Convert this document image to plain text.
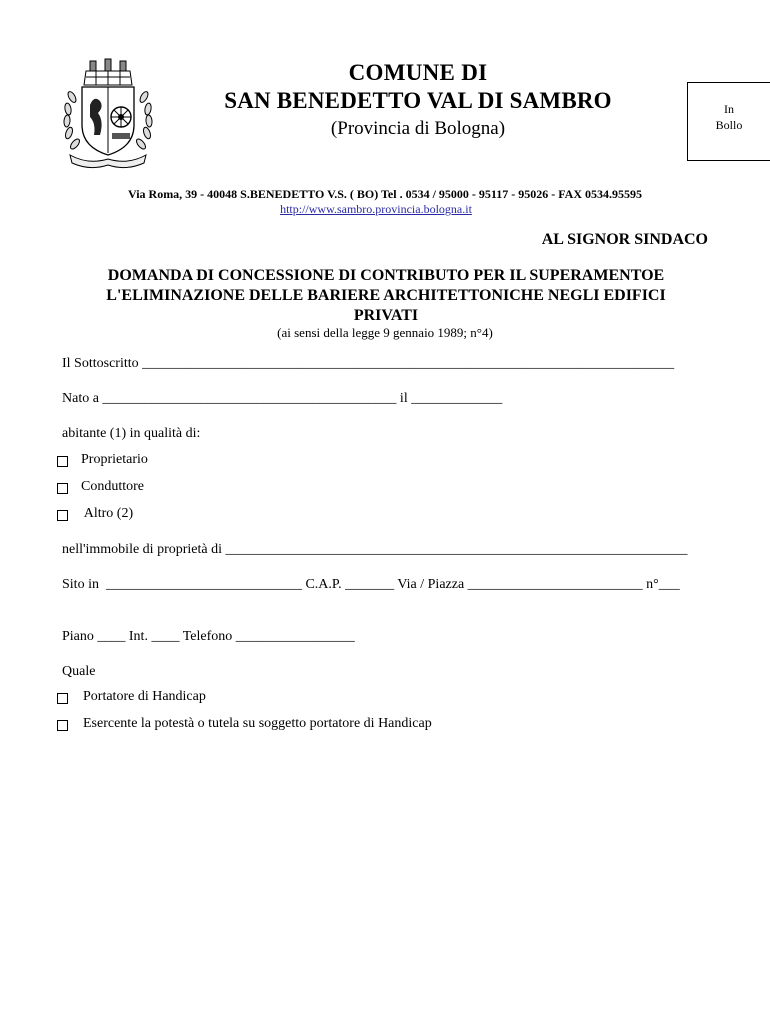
COMUNE DI
SAN BENEDETTO VAL DI SAMBRO
(Provincia di Bologna)
In
Bollo
Via Roma, 39 - 40048 S.BENEDETTO V.S. ( BO) Tel . 0534 / 95000 - 95117 - 95026 - FAX 0534.95595
http://www.sambro.provincia.bologna.it
AL SIGNOR SINDACO
DOMANDA DI CONCESSIONE DI CONTRIBUTO PER IL SUPERAMENTOE
L'ELIMINAZIONE DELLE BARIERE ARCHITETTONICHE NEGLI EDIFICI
PRIVATI
(ai sensi della legge 9 gennaio 1989; n°4)
Il Sottoscritto ____________________________________________________________________________
Nato a __________________________________________ il _____________
abitante (1) in qualità di:
Proprietario
Conduttore
Altro (2)
nell'immobile di proprietà di __________________________________________________________________
Sito in  ____________________________ C.A.P. _______ Via / Piazza _________________________ n°___
Piano ____ Int. ____ Telefono _________________
Quale
Portatore di Handicap
Esercente la potestà o tutela su soggetto portatore di Handicap
